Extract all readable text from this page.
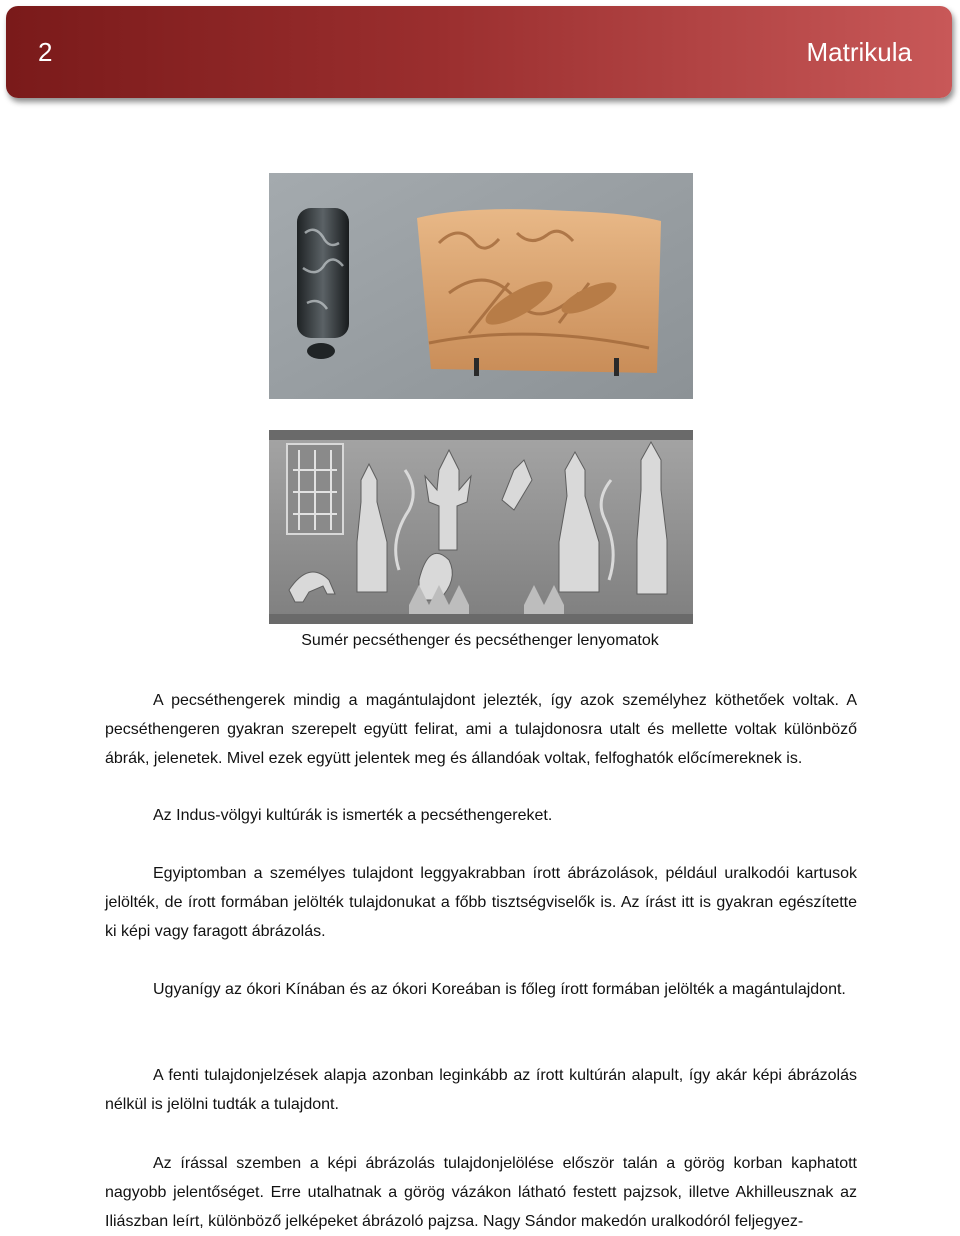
2	Matrikula
Sumér pecséthenger és pecséthenger lenyomatok

A pecséthengerek mindig a magántulajdont jelezték, így azok személyhez köthetőek voltak. A pecséthengeren gyakran szerepelt együtt felirat, ami a tulajdonosra utalt és mellette voltak különböző ábrák, jelenetek. Mivel ezek együtt jelentek meg és állandóak voltak, felfoghatók előcímereknek is.

Az Indus-völgyi kultúrák is ismerték a pecséthengereket.

Egyiptomban a személyes tulajdont leggyakrabban írott ábrázolások, például uralkodói kartusok jelölték, de írott formában jelölték tulajdonukat a főbb tisztségviselők is. Az írást itt is gyakran egészítette ki képi vagy faragott ábrázolás.

Ugyanígy az ókori Kínában és az ókori Koreában is főleg írott formában jelölték a magántulajdont.

A fenti tulajdonjelzések alapja azonban leginkább az írott kultúrán alapult, így akár képi ábrázolás nélkül is jelölni tudták a tulajdont.

Az írással szemben a képi ábrázolás tulajdonjelölése először talán a görög korban kaphatott nagyobb jelentőséget. Erre utalhatnak a görög vázákon látható festett pajzsok, illetve Akhilleusznak az Iliászban leírt, különböző jelképeket ábrázoló pajzsa. Nagy Sándor makedón uralkodóról feljegyez-
